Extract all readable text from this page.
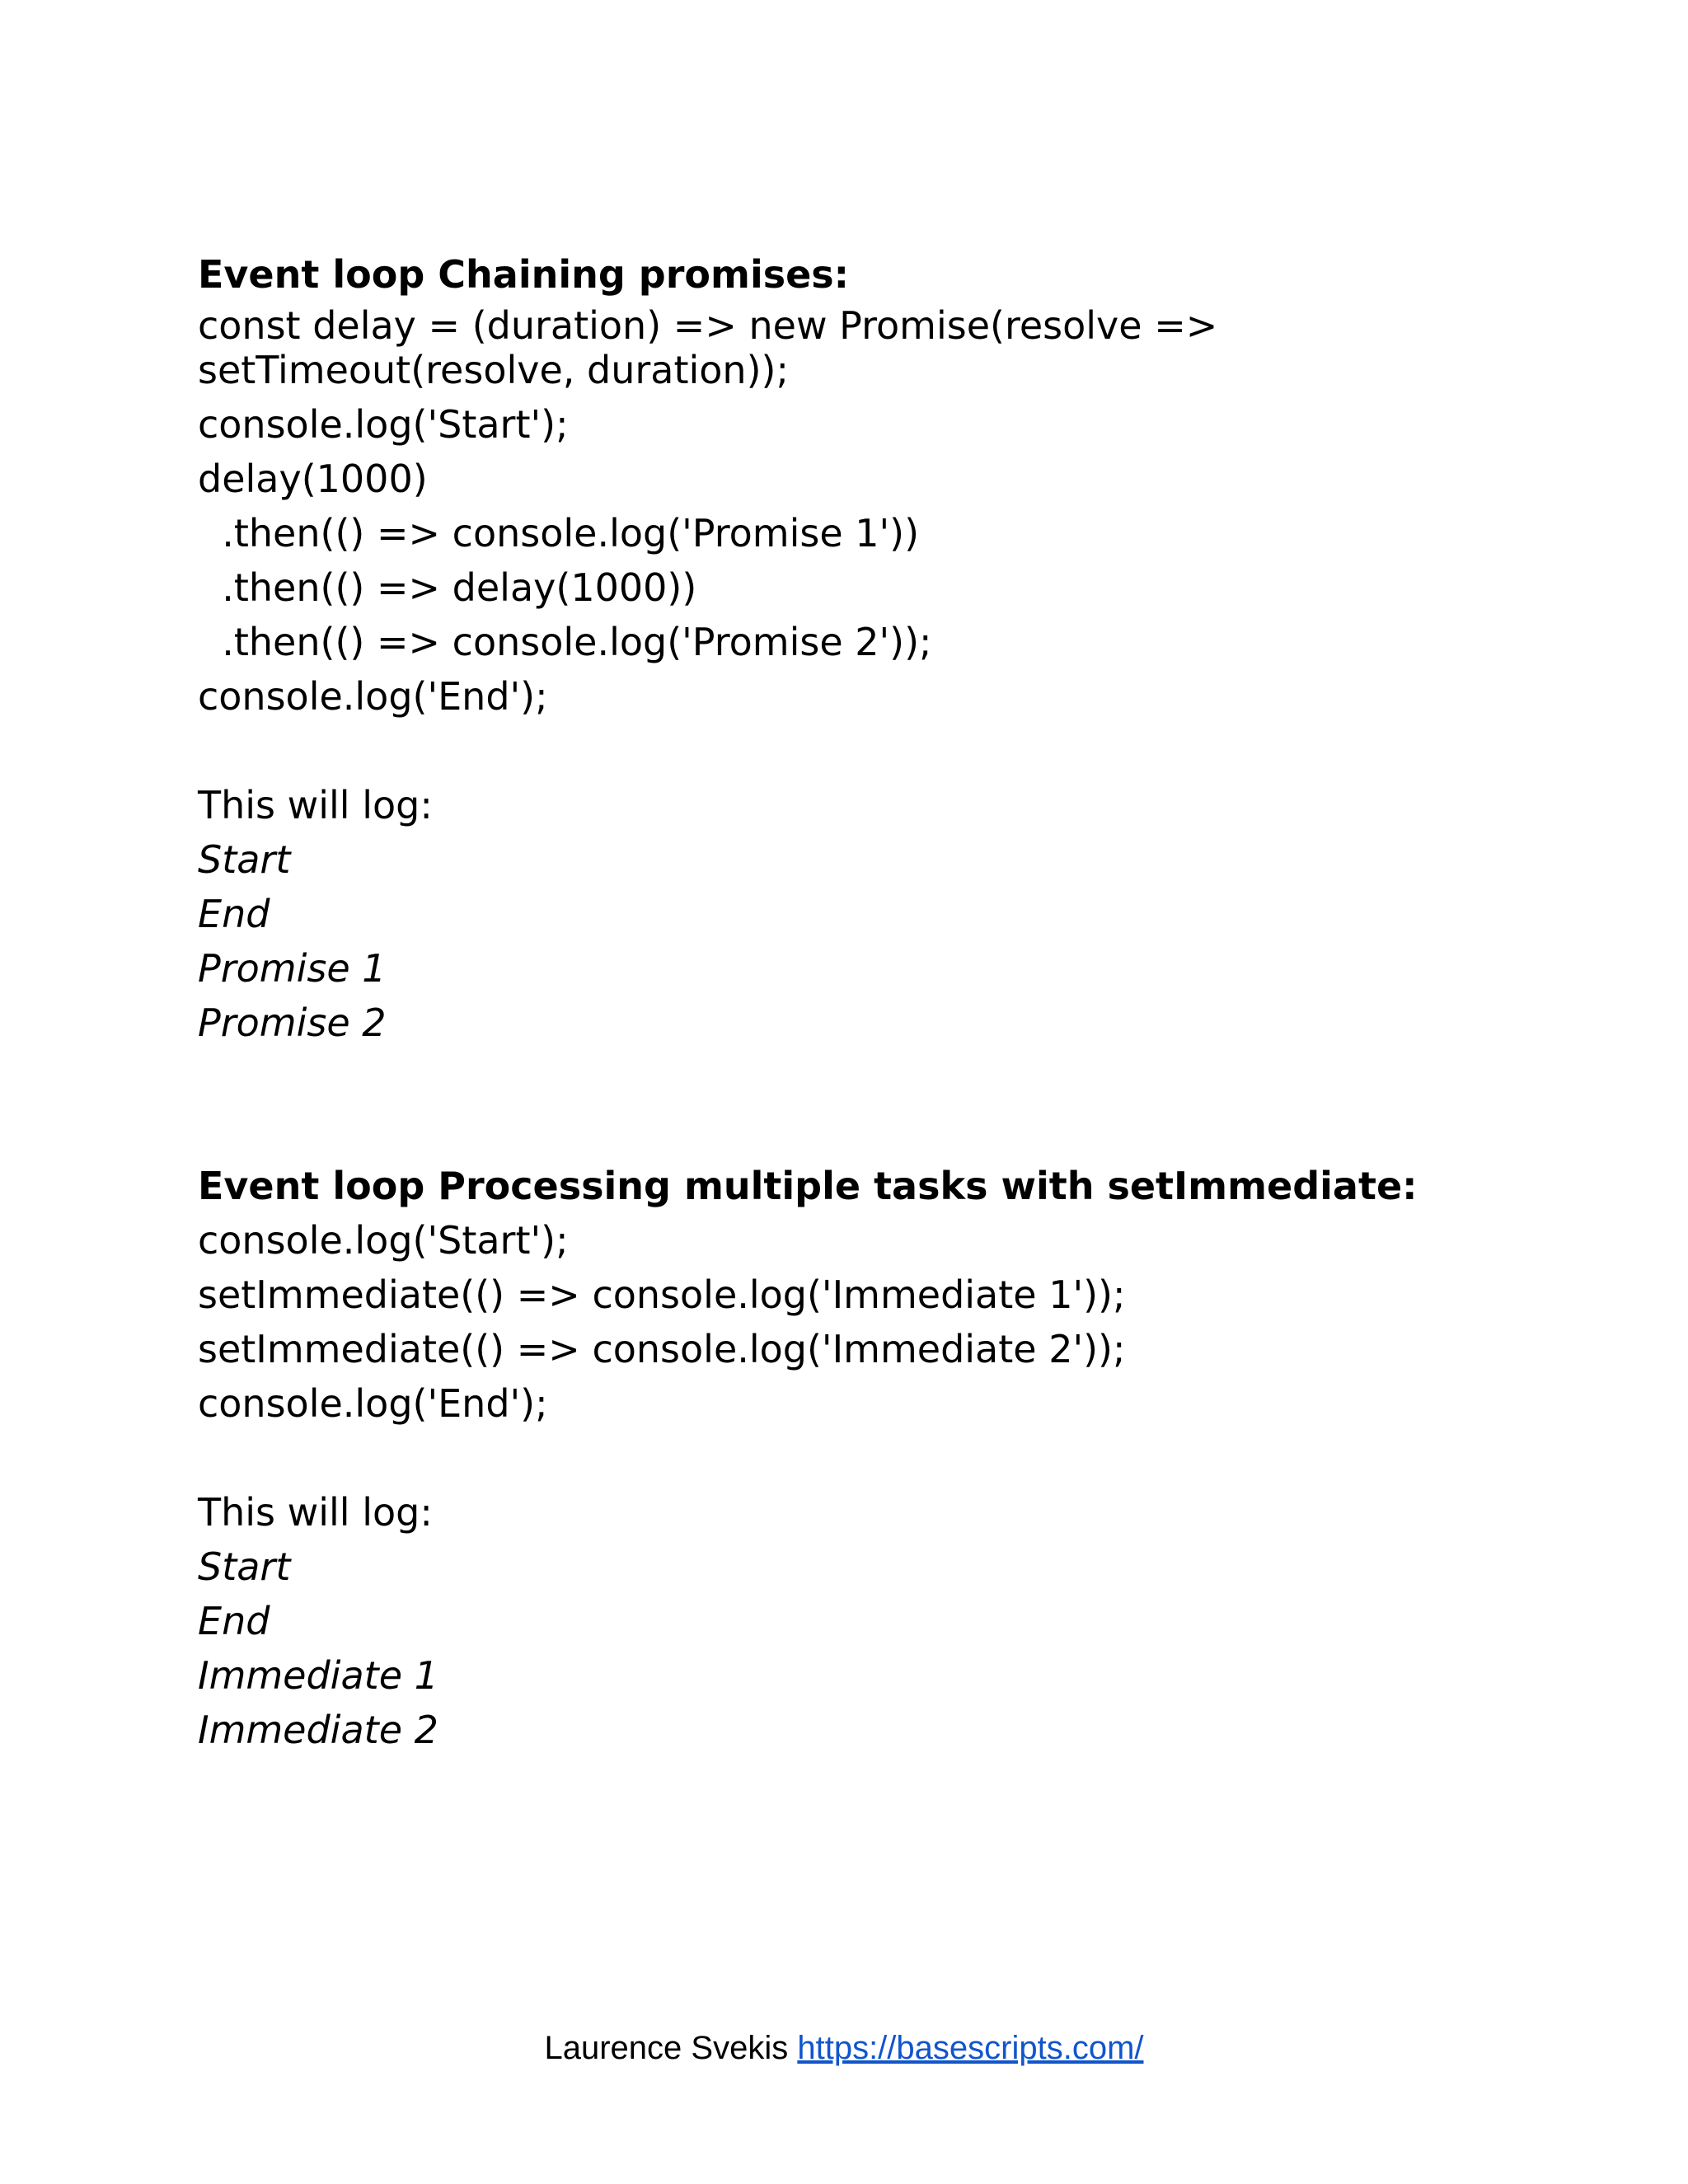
Event loop Chaining promises:
const delay = (duration) => new Promise(resolve =>
setTimeout(resolve, duration));
console.log('Start');
delay(1000)
.then(() => console.log('Promise 1'))
.then(() => delay(1000))
.then(() => console.log('Promise 2'));
console.log('End');
This will log:
Start
End
Promise 1
Promise 2
Event loop Processing multiple tasks with setImmediate:
console.log('Start');
setImmediate(() => console.log('Immediate 1'));
setImmediate(() => console.log('Immediate 2'));
console.log('End');
This will log:
Start
End
Immediate 1
Immediate 2
Laurence Svekis https://basescripts.com/
